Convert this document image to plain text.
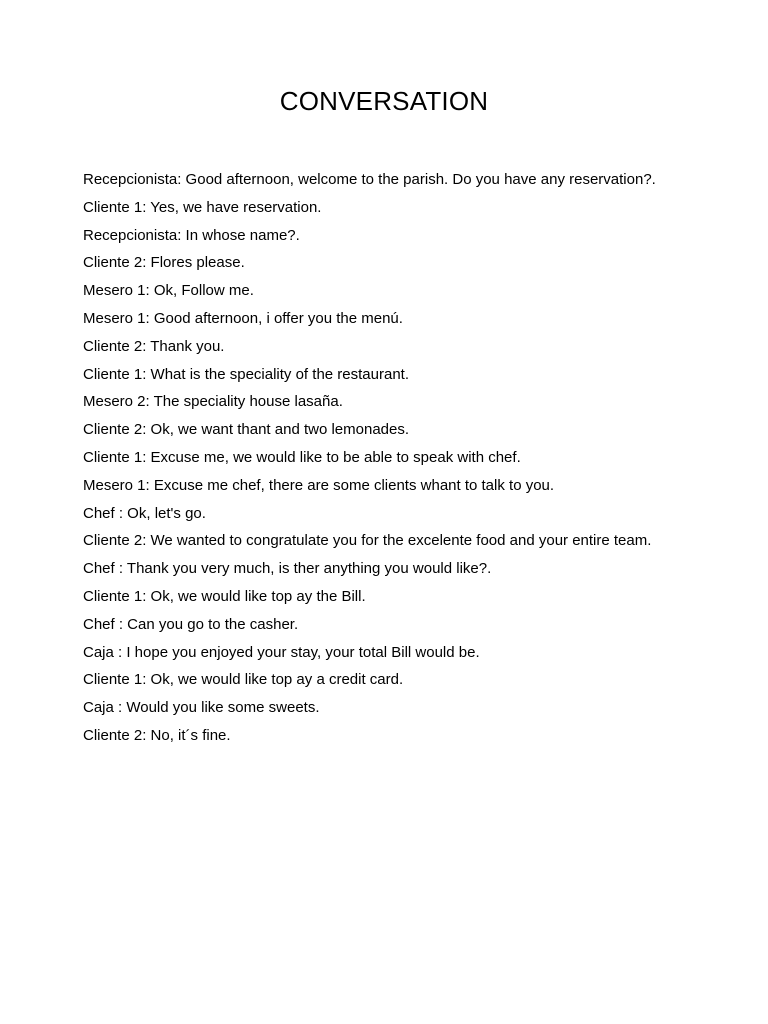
CONVERSATION
Recepcionista: Good afternoon, welcome to the parish. Do you have any reservation?.
Cliente 1: Yes, we have reservation.
Recepcionista: In whose name?.
Cliente 2: Flores please.
Mesero 1: Ok, Follow me.
Mesero 1: Good afternoon, i offer you the menú.
Cliente 2: Thank you.
Cliente 1: What is the speciality of the restaurant.
Mesero 2: The speciality house lasaña.
Cliente 2: Ok, we want thant and two lemonades.
Cliente 1: Excuse me, we would like to be able to speak with chef.
Mesero 1: Excuse me chef, there are some clients whant to talk to you.
Chef : Ok, let's go.
Cliente 2: We wanted to congratulate you for the excelente food and your entire team.
Chef : Thank you very much, is ther anything you would like?.
Cliente 1: Ok, we would like top ay the Bill.
Chef : Can you go to the casher.
Caja : I hope you enjoyed your stay, your total Bill would be.
Cliente 1: Ok, we would like top ay a credit card.
Caja : Would you like some sweets.
Cliente 2: No, it´s fine.
